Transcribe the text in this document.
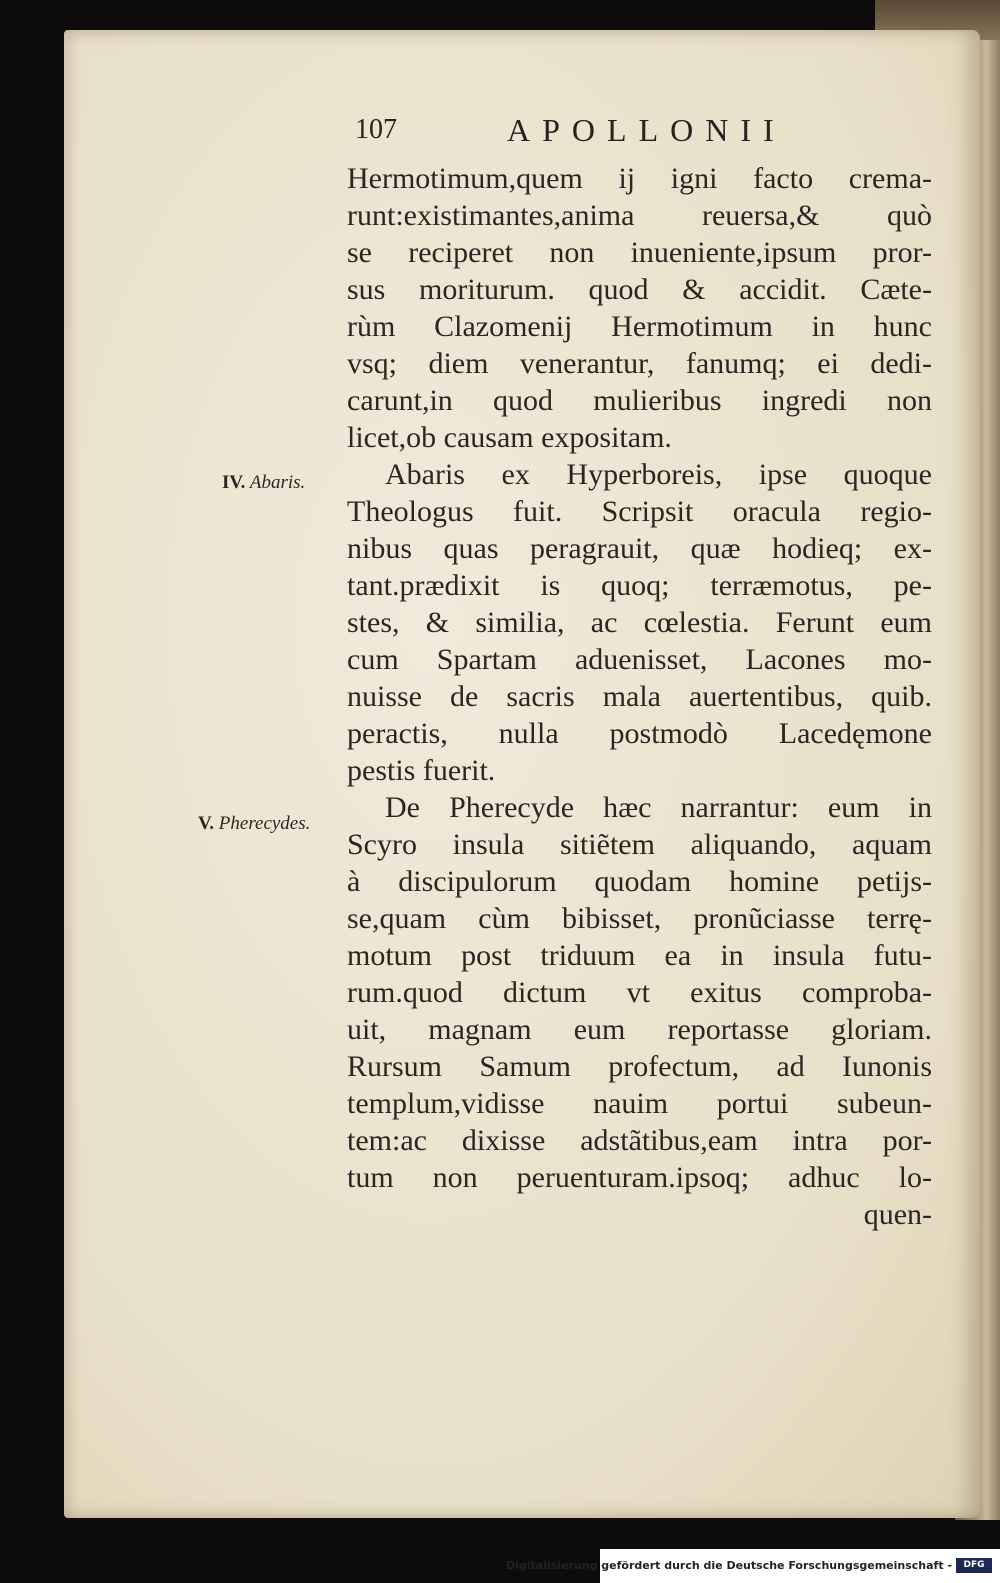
107	APOLLONII
IV. Abaris.
V. Pherecydes.
Hermotimum,quem ij igni facto crema-
runt:existimantes,anima reuersa,& quò
se reciperet non inueniente,ipsum pror-
sus moriturum. quod & accidit. Cæte-
rùm Clazomenij Hermotimum in hunc
vsq; diem venerantur, fanumq; ei dedi-
carunt,in quod mulieribus ingredi non
licet,ob causam expositam.
Abaris ex Hyperboreis, ipse quoque
Theologus fuit. Scripsit oracula regio-
nibus quas peragrauit, quæ hodieq; ex-
tant.prædixit is quoq; terræmotus, pe-
stes, & similia, ac cœlestia. Ferunt eum
cum Spartam aduenisset, Lacones mo-
nuisse de sacris mala auertentibus, quib.
peractis, nulla postmodò Lacedęmone
pestis fuerit.
De Pherecyde hæc narrantur: eum in
Scyro insula sitiẽtem aliquando, aquam
à discipulorum quodam homine petijs-
se,quam cùm bibisset, pronũciasse terrę-
motum post triduum ea in insula futu-
rum.quod dictum vt exitus comproba-
uit, magnam eum reportasse gloriam.
Rursum Samum profectum, ad Iunonis
templum,vidisse nauim portui subeun-
tem:ac dixisse adstãtibus,eam intra por-
tum non peruenturam.ipsoq; adhuc lo-
quen-
Digitalisierung gefördert durch die Deutsche Forschungsgemeinschaft -	DFG
